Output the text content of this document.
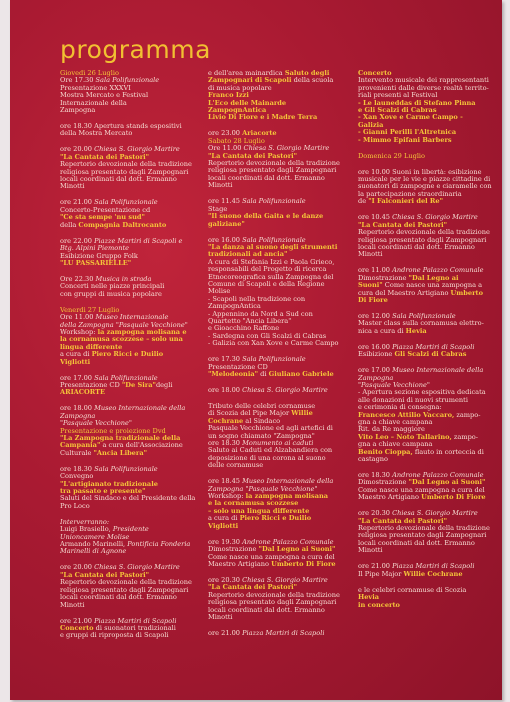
programma
Giovedì 26 Luglio
Ore 17.30 Sala Polifunzionale
Presentazione XXXVI
Mostra Mercato e Festival
Internazionale della
Zampogna
ore 18.30 Apertura stands espositivi
della Mostra Mercato
ore 20.00 Chiesa S. Giorgio Martire
"La Cantata dei Pastori"
Repertorio devozionale della tradizione
religiosa presentato dagli Zampognari
locali coordinati dal dott. Ermanno
Minotti
ore 21.00 Sala Polifunzionale
Concerto-Presentazione cd
"Ce sta sempe 'nu sud"
della Compagnia Daltrocanto
ore 22.00 Piazze Martiri di Scapoli e
Btg. Alpini Piemonte
Esibizione Gruppo Folk
"LU PASSARIELLE"
Ore 22.30 Musica in strada
Concerti nelle piazze principali
con gruppi di musica popolare
Venerdì 27 Luglio
Ore 11.00 Museo Internazionale
della Zampogna "Pasquale Vecchione"
Workshop: la zampogna molisana e
la cornamusa scozzese – solo una
lingua differente
a cura di Piero Ricci e Duilio
Vigliotti
ore 17.00 Sala Polifunzionale
Presentazione CD "De Sira"degli
ARIACORTE
ore 18.00 Museo Internazionale della
Zampogna
"Pasquale Vecchione"
Presentazione e proiezione Dvd
"La Zampogna tradizionale della
Campania" a cura dell'Associazione
Culturale "Ancia Libera"
ore 18.30 Sala Polifunzionale
Convegno
"L'artigianato tradizionale
tra passato e presente"
Saluti del Sindaco e del Presidente della
Pro Loco
Interverranno:
Luigi Brasiello, Presidente
Unioncamere Molise
Armando Marinelli, Pontificia Fonderia
Marinelli di Agnone
ore 20.00 Chiesa S. Giorgio Martire
"La Cantata dei Pastori"
Repertorio devozionale della tradizione
religiosa presentato dagli Zampognari
locali coordinati dal dott. Ermanno
Minotti
ore 21.00 Piazza Martiri di Scapoli
Concerto di suonatori tradizionali
e gruppi di riproposta di Scapoli
e dell'area mainardica Saluto degli
Zampognari di Scapoli della scuola
di musica popolare
Franco Izzi
L'Eco delle Mainarde
ZampognAntica
Livio Di Fiore e i Madre Terra
ore 23.00 Ariacorte
Sabato 28 Luglio
Ore 11.00 Chiesa S. Giorgio Martire
"La Cantata dei Pastori"
Repertorio devozionale della tradizione
religiosa presentato dagli Zampognari
locali coordinati dal dott. Ermanno
Minotti
ore 11.45 Sala Polifunzionale
Stage
"Il suono della Gaita e le danze
galiziane"
ore 16.00 Sala Polifunzionale
"La danza al suono degli strumenti
tradizionali ad ancia"
A cura di Stefania Izzi e Paola Grieco,
responsabili del Progetto di ricerca
Etnocoreografica sulla Zampogna del
Comune di Scapoli e della Regione
Molise
- Scapoli nella tradizione con
ZampognAntica
- Appennino da Nord a Sud con
Quartetto "Ancia Libera"
e Gioacchino Raffone
- Sardegna con Gli Scalzi di Cabras
- Galizia con Xan Xove e Carme Campo
ore 17.30 Sala Polifunzionale
Presentazione CD
"Melodeonia" di Giuliano Gabriele
ore 18.00 Chiesa S. Giorgio Martire
Tributo delle celebri cornamuse
di Scozia del Pipe Major Willie
Cochrane al Sindaco
Pasquale Vecchione ed agli artefici di
un sogno chiamato "Zampogna"
ore 18.30 Monumento ai caduti
Saluto ai Caduti ed Alzabandiera con
deposizione di una corona al suono
delle cornamuse
ore 18.45 Museo Internazionale della
Zampogna "Pasquale Vecchione"
Workshop: la zampogna molisana
e la cornamusa scozzese
– solo una lingua differente
a cura di Piero Ricci e Duilio
Vigliotti
ore 19.30 Androne Palazzo Comunale
Dimostrazione "Dal Legno ai Suoni"
Come nasce una zampogna a cura del
Maestro Artigiano Umberto Di Fiore
ore 20.30 Chiesa S. Giorgio Martire
"La Cantata dei Pastori"
Repertorio devozionale della tradizione
religiosa presentato dagli Zampognari
locali coordinati dal dott. Ermanno
Minotti
ore 21.00 Piazza Martiri di Scapoli
Concerto
Intervento musicale dei rappresentanti
provenienti dalle diverse realtà territo-
riali presenti al Festival
- Le launeddas di Stefano Pinna
e Gli Scalzi di Cabras
- Xan Xove e Carme Campo -
Galizia
- Gianni Perilli l'Altretnica
- Mimmo Epifani Barbers
Domenica 29 Luglio
ore 10.00 Suoni in libertà: esibizione
musicale per le vie e piazze cittadine di
suonatori di zampogne e ciaramelle con
la partecipazione straordinaria
de "I Falconieri del Re"
ore 10.45 Chiesa S. Giorgio Martire
"La Cantata dei Pastori"
Repertorio devozionale della tradizione
religiosa presentato dagli Zampognari
locali coordinati dal dott. Ermanno
Minotti
ore 11.00 Androne Palazzo Comunale
Dimostrazione "Dal Legno ai
Suoni" Come nasce una zampogna a
cura del Maestro Artigiano Umberto
Di Fiore
ore 12.00 Sala Polifunzionale
Master class sulla cornamusa elettro-
nica a cura di Hevia
ore 16.00 Piazza Martiri di Scapoli
Esibizione Gli Scalzi di Cabras
ore 17.00 Museo Internazionale della
Zampogna
"Pasquale Vecchione"
- Apertura sezione espositiva dedicata
alle donazioni di nuovi strumenti
e cerimonia di consegna:
Francesco Attilio Vaccaro, zampo-
gna a chiave campana
Rit. da Re maggiore
Vito Leo – Noto Tallarino, zampo-
gna a chiave campana
Benito Cioppa, flauto in corteccia di
castagno
ore 18.30 Androne Palazzo Comunale
Dimostrazione "Dal Legno ai Suoni"
Come nasce una zampogna a cura del
Maestro Artigiano Umberto Di Fiore
ore 20.30 Chiesa S. Giorgio Martire
"La Cantata dei Pastori"
Repertorio devozionale della tradizione
religiosa presentato dagli Zampognari
locali coordinati dal dott. Ermanno
Minotti
ore 21.00 Piazza Martiri di Scapoli
Il Pipe Major Willie Cochrane
e le celebri cornamuse di Scozia
Hevia
in concerto
